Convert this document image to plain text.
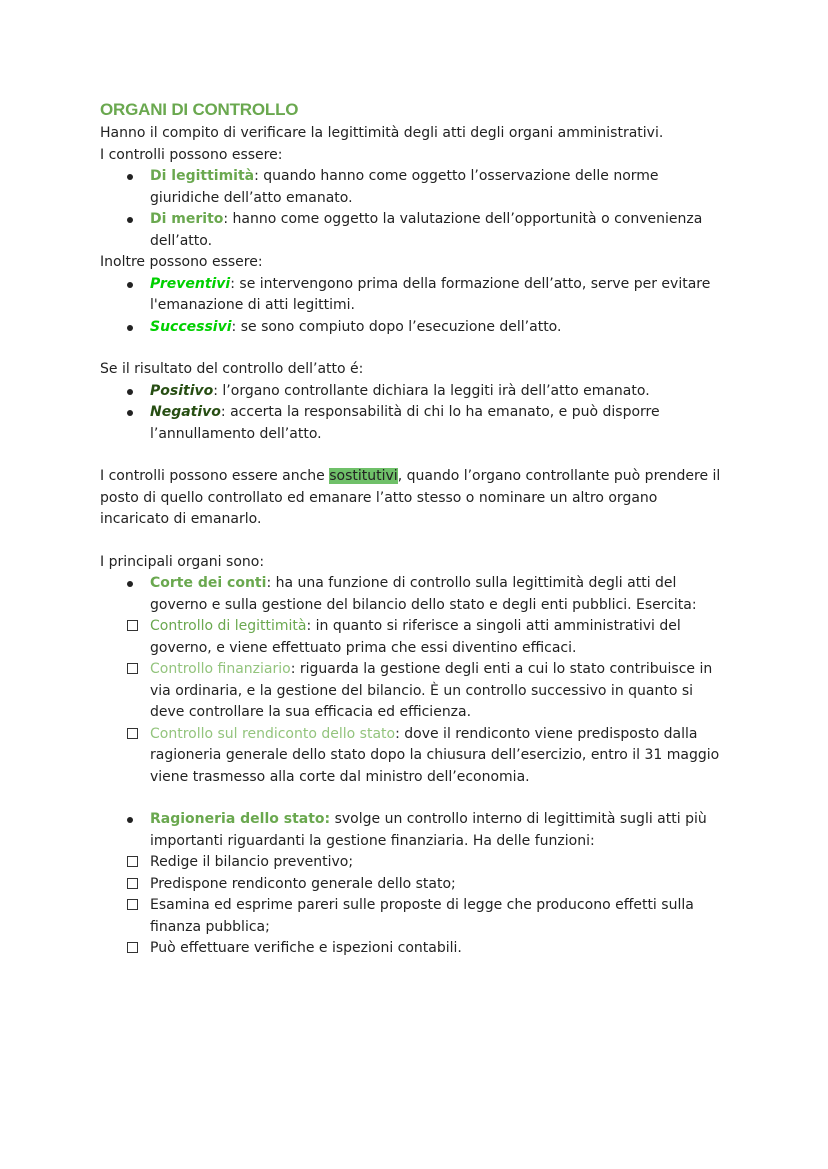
ORGANI DI CONTROLLO
Hanno il compito di verificare la legittimità degli atti degli organi amministrativi.
I controlli possono essere:
Di legittimità: quando hanno come oggetto l’osservazione delle norme giuridiche dell’atto emanato.
Di merito: hanno come oggetto la valutazione dell’opportunità o convenienza dell’atto.
Inoltre possono essere:
Preventivi: se intervengono prima della formazione dell’atto, serve per evitare l'emanazione di atti legittimi.
Successivi: se sono compiuto dopo l’esecuzione dell’atto.
Se il risultato del controllo dell’atto é:
Positivo: l’organo controllante dichiara la leggiti irà dell’atto emanato.
Negativo: accerta la responsabilità di chi lo ha emanato, e può disporre l’annullamento dell’atto.
I controlli possono essere anche sostitutivi, quando l’organo controllante può prendere il posto di quello controllato ed emanare l’atto stesso o nominare un altro organo incaricato di emanarlo.
I principali organi sono:
Corte dei conti: ha una funzione di controllo sulla legittimità degli atti del governo e sulla gestione del bilancio dello stato e degli enti pubblici. Esercita:
Controllo di legittimità: in quanto si riferisce a singoli atti amministrativi del governo, e viene effettuato prima che essi diventino efficaci.
Controllo finanziario: riguarda la gestione degli enti a cui lo stato contribuisce in via ordinaria, e la gestione del bilancio. È un controllo successivo in quanto si deve controllare la sua efficacia ed efficienza.
Controllo sul rendiconto dello stato: dove il rendiconto viene predisposto dalla ragioneria generale dello stato dopo la chiusura dell’esercizio, entro il 31 maggio viene trasmesso alla corte dal ministro dell’economia.
Ragioneria dello stato: svolge un controllo interno di legittimità sugli atti più importanti riguardanti la gestione finanziaria. Ha delle funzioni:
Redige il bilancio preventivo;
Predispone rendiconto generale dello stato;
Esamina ed esprime pareri sulle proposte di legge che producono effetti sulla finanza pubblica;
Può effettuare verifiche e ispezioni contabili.
